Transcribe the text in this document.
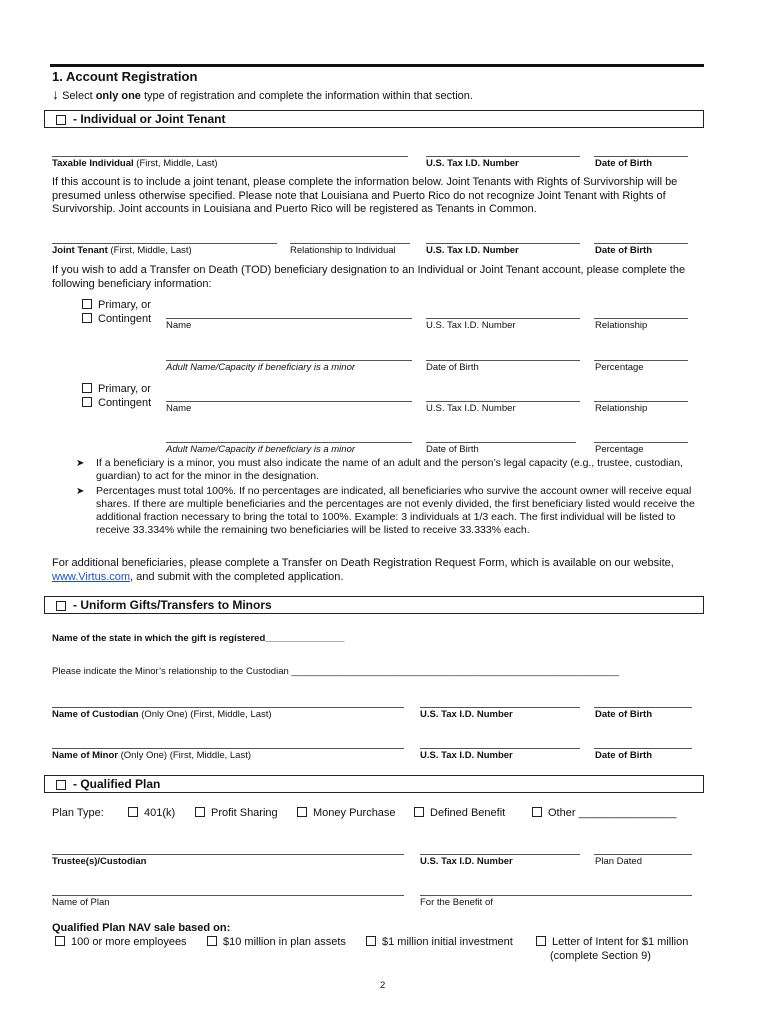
1. Account Registration
↓ Select only one type of registration and complete the information within that section.
- Individual or Joint Tenant
Taxable Individual (First, Middle, Last)	U.S. Tax I.D. Number	Date of Birth
If this account is to include a joint tenant, please complete the information below. Joint Tenants with Rights of Survivorship will be presumed unless otherwise specified. Please note that Louisiana and Puerto Rico do not recognize Joint Tenant with Rights of Survivorship. Joint accounts in Louisiana and Puerto Rico will be registered as Tenants in Common.
Joint Tenant (First, Middle, Last)	Relationship to Individual	U.S. Tax I.D. Number	Date of Birth
If you wish to add a Transfer on Death (TOD) beneficiary designation to an Individual or Joint Tenant account, please complete the following beneficiary information:
Primary, or
Contingent
Name	U.S. Tax I.D. Number	Relationship
Adult Name/Capacity if beneficiary is a minor	Date of Birth	Percentage
Primary, or
Contingent Name	U.S. Tax I.D. Number	Relationship
Adult Name/Capacity if beneficiary is a minor	Date of Birth	Percentage
➤ If a beneficiary is a minor, you must also indicate the name of an adult and the person’s legal capacity (e.g., trustee, custodian, guardian) to act for the minor in the designation.
➤ Percentages must total 100%. If no percentages are indicated, all beneficiaries who survive the account owner will receive equal shares. If there are multiple beneficiaries and the percentages are not evenly divided, the first beneficiary listed would receive the additional fraction necessary to bring the total to 100%. Example: 3 individuals at 1/3 each. The first individual will be listed to receive 33.334% while the remaining two beneficiaries will be listed to receive 33.333% each.
For additional beneficiaries, please complete a Transfer on Death Registration Request Form, which is available on our website, www.Virtus.com, and submit with the completed application.
- Uniform Gifts/Transfers to Minors
Name of the state in which the gift is registered_______________
Please indicate the Minor’s relationship to the Custodian ______________________________________________________________
Name of Custodian (Only One) (First, Middle, Last)	U.S. Tax I.D. Number	Date of Birth
Name of Minor (Only One) (First, Middle, Last)	U.S. Tax I.D. Number	Date of Birth
- Qualified Plan
Plan Type:	401(k)	Profit Sharing	Money Purchase	Defined Benefit	Other ________________
Trustee(s)/Custodian	U.S. Tax I.D. Number	Plan Dated
Name of Plan	For the Benefit of
Qualified Plan NAV sale based on:
100 or more employees	$10 million in plan assets	$1 million initial investment	Letter of Intent for $1 million
(complete Section 9)
2
